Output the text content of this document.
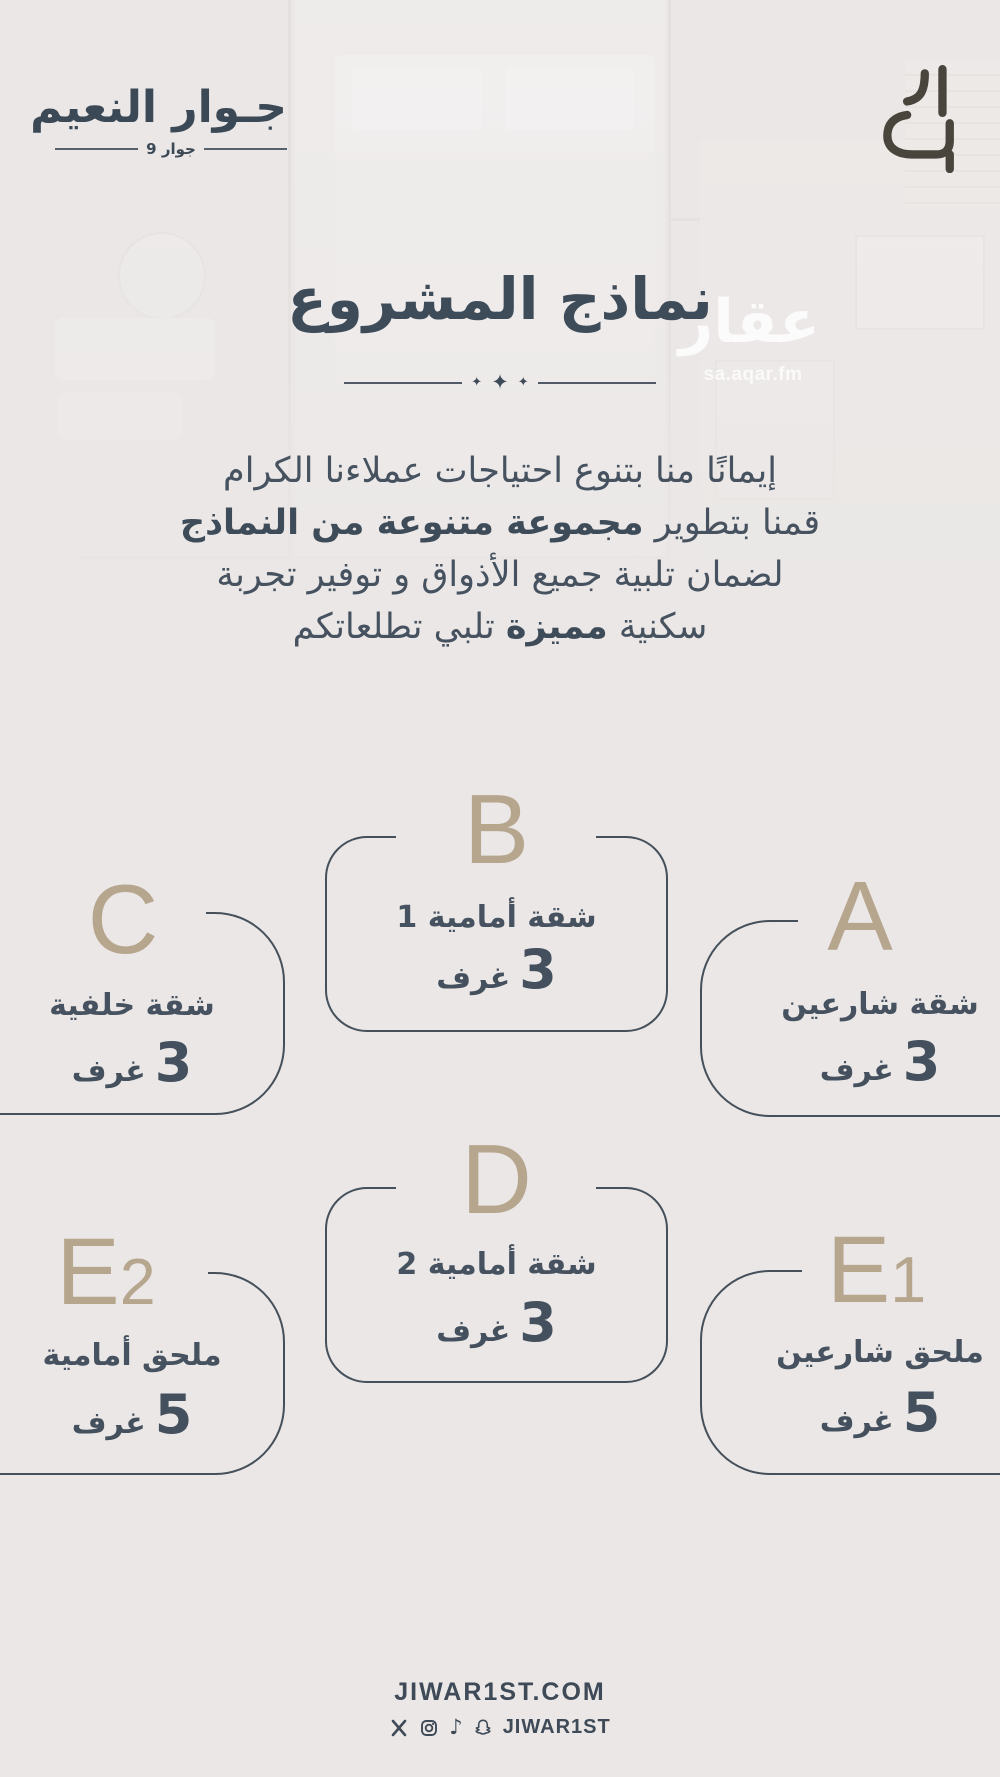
جـوار النعيم
جوار 9
عقار
sa.aqar.fm
نماذج المشروع
✦ ✦ ✦

إيمانًا منا بتنوع احتياجات عملاءنا الكرام
قمنا بتطوير مجموعة متنوعة من النماذج
لضمان تلبية جميع الأذواق و توفير تجربة
سكنية مميزة تلبي تطلعاتكم

B
شقة أمامية 1
3غرف
C
شقة خلفية
3غرف
A
شقة شارعين
3غرف
D
شقة أمامية 2
3غرف
E2
ملحق أمامية
5غرف
E1
ملحق شارعين
5غرف
JIWAR1ST.COM
♪ JIWAR1ST
